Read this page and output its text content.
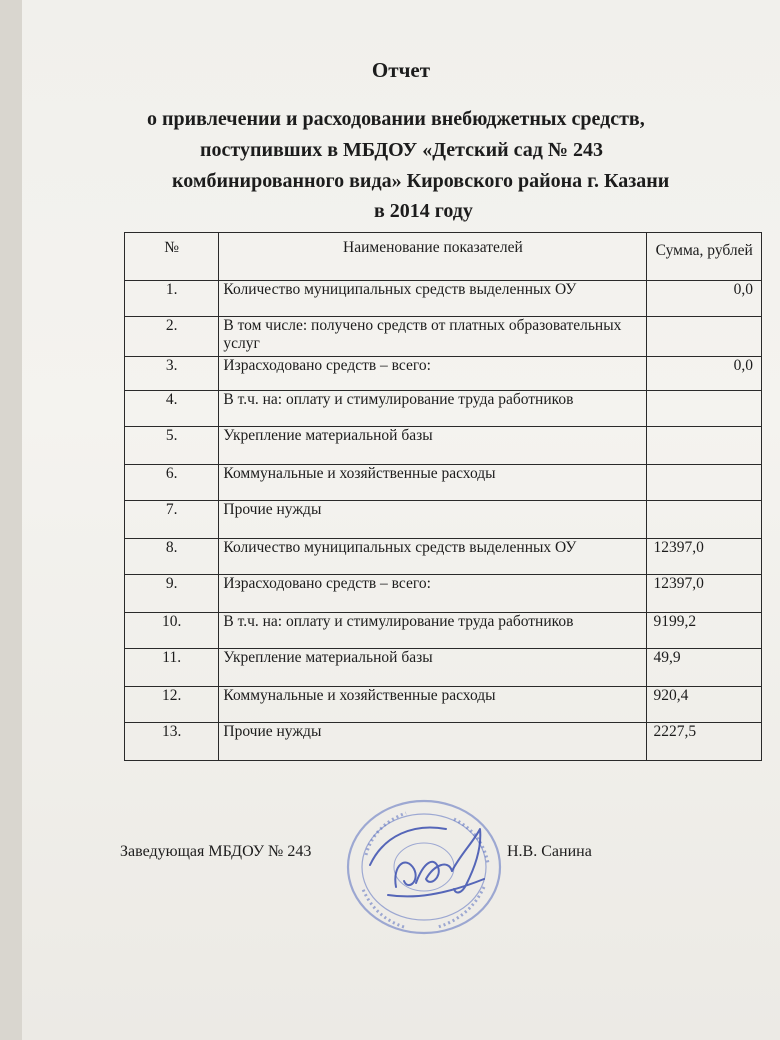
Отчет

о привлечении и расходовании внебюджетных средств,

поступивших в МБДОУ «Детский сад № 243

комбинированного вида» Кировского района г. Казани

в 2014 году

№	Наименование показателей	Сумма, рублей
1.	Количество муниципальных средств выделенных ОУ	0,0
2.	В том числе: получено средств от платных образовательных услуг	
3.	Израсходовано средств – всего:	0,0
4.	В т.ч. на: оплату и стимулирование труда работников	
5.	Укрепление материальной базы	
6.	Коммунальные и хозяйственные расходы	
7.	Прочие нужды	
8.	Количество муниципальных средств выделенных ОУ	12397,0
9.	Израсходовано средств – всего:	12397,0
10.	В т.ч. на: оплату и стимулирование труда работников	9199,2
11.	Укрепление материальной базы	49,9
12.	Коммунальные и хозяйственные расходы	920,4
13.	Прочие нужды	2227,5

Заведующая МБДОУ № 243	Н.В. Санина
